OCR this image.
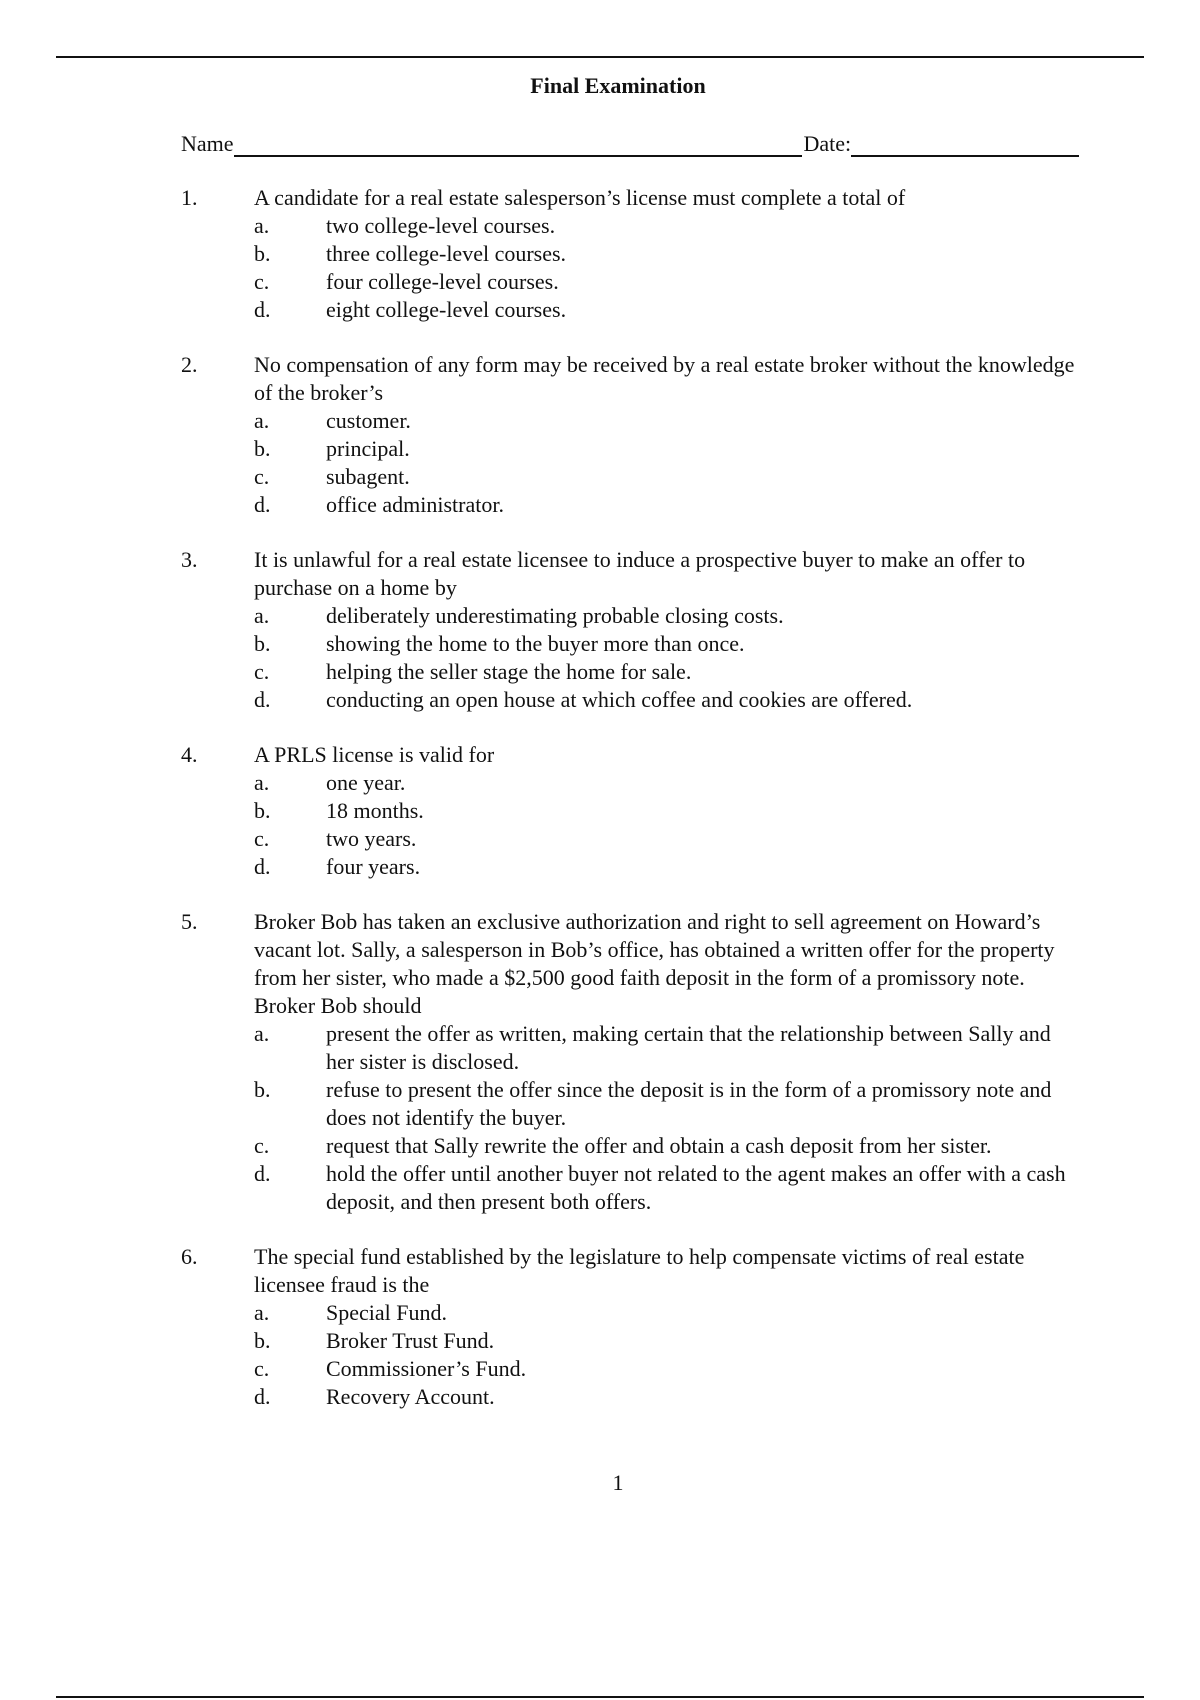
Final Examination
Name	Date:
1.	A candidate for a real estate salesperson’s license must complete a total of
a.	two college-level courses.
b.	three college-level courses.
c.	four college-level courses.
d.	eight college-level courses.
2.	No compensation of any form may be received by a real estate broker without the knowledge of the broker’s
a.	customer.
b.	principal.
c.	subagent.
d.	office administrator.
3.	It is unlawful for a real estate licensee to induce a prospective buyer to make an offer to purchase on a home by
a.	deliberately underestimating probable closing costs.
b.	showing the home to the buyer more than once.
c.	helping the seller stage the home for sale.
d.	conducting an open house at which coffee and cookies are offered.
4.	A PRLS license is valid for
a.	one year.
b.	18 months.
c.	two years.
d.	four years.
5.	Broker Bob has taken an exclusive authorization and right to sell agreement on Howard’s vacant lot. Sally, a salesperson in Bob’s office, has obtained a written offer for the property from her sister, who made a $2,500 good faith deposit in the form of a promissory note. Broker Bob should
a.	present the offer as written, making certain that the relationship between Sally and her sister is disclosed.
b.	refuse to present the offer since the deposit is in the form of a promissory note and does not identify the buyer.
c.	request that Sally rewrite the offer and obtain a cash deposit from her sister.
d.	hold the offer until another buyer not related to the agent makes an offer with a cash deposit, and then present both offers.
6.	The special fund established by the legislature to help compensate victims of real estate licensee fraud is the
a.	Special Fund.
b.	Broker Trust Fund.
c.	Commissioner’s Fund.
d.	Recovery Account.
1
